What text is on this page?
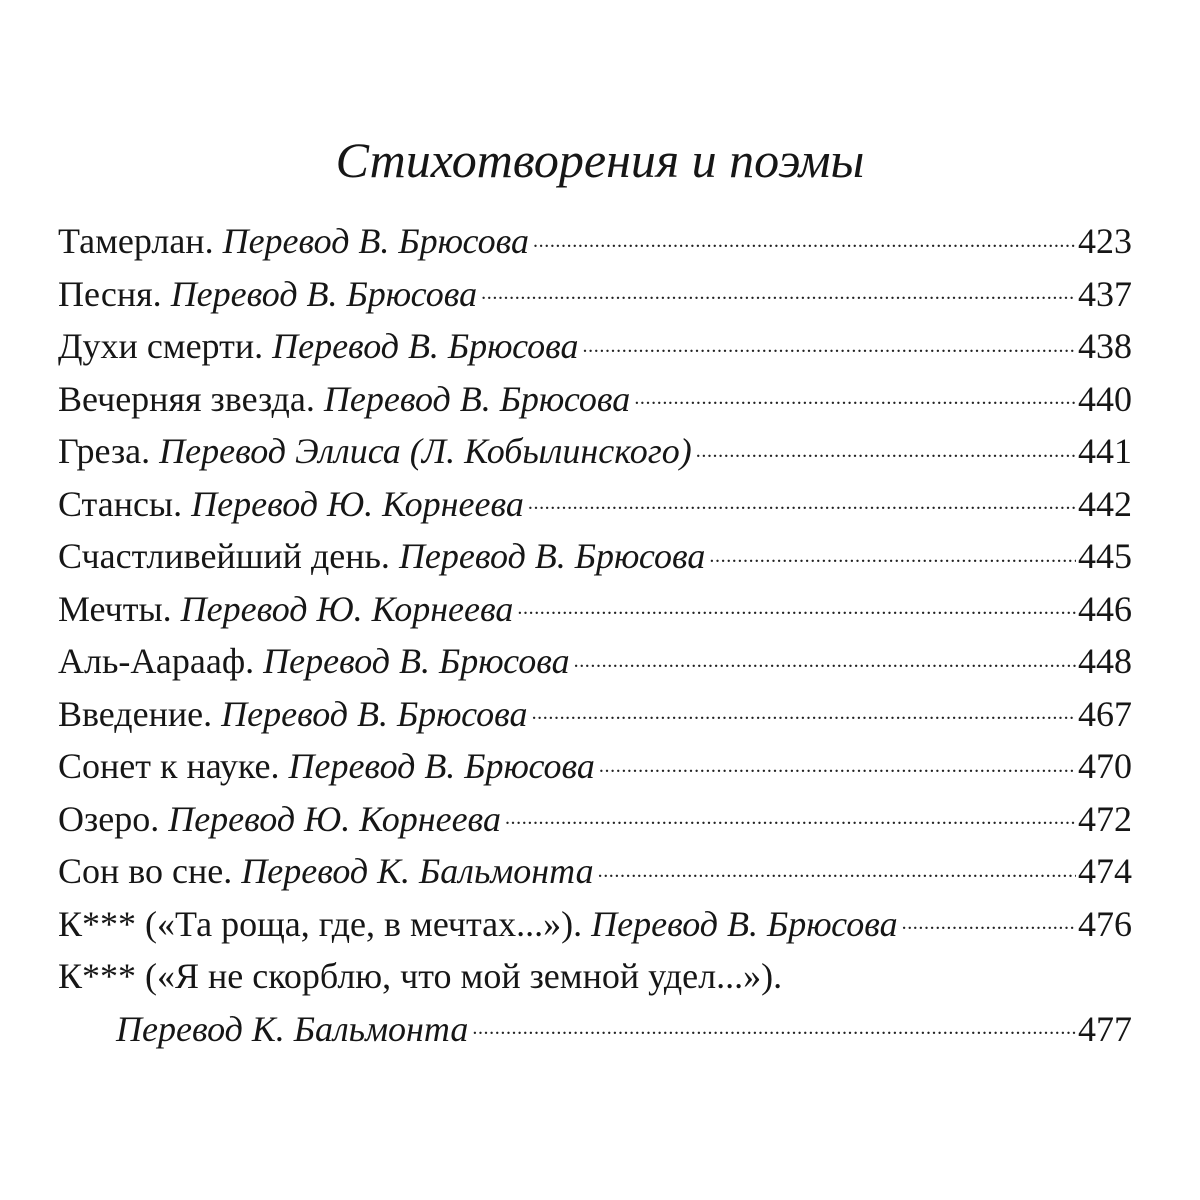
Стихотворения и поэмы
Тамерлан. Перевод В. Брюсова . . .	423
Песня. Перевод В. Брюсова . . .	437
Духи смерти. Перевод В. Брюсова . . .	438
Вечерняя звезда. Перевод В. Брюсова . . .	440
Греза. Перевод Эллиса (Л. Кобылинского) . . .	441
Стансы. Перевод Ю. Корнеева . . .	442
Счастливейший день. Перевод В. Брюсова . . .	445
Мечты. Перевод Ю. Корнеева . . .	446
Аль-Аарааф. Перевод В. Брюсова . . .	448
Введение. Перевод В. Брюсова . . .	467
Сонет к науке. Перевод В. Брюсова . . .	470
Озеро. Перевод Ю. Корнеева . . .	472
Сон во сне. Перевод К. Бальмонта . . .	474
К*** («Та роща, где, в мечтах...»). Перевод В. Брюсова . . .	476
К*** («Я не скорблю, что мой земной удел...»).
Перевод К. Бальмонта . . .	477
